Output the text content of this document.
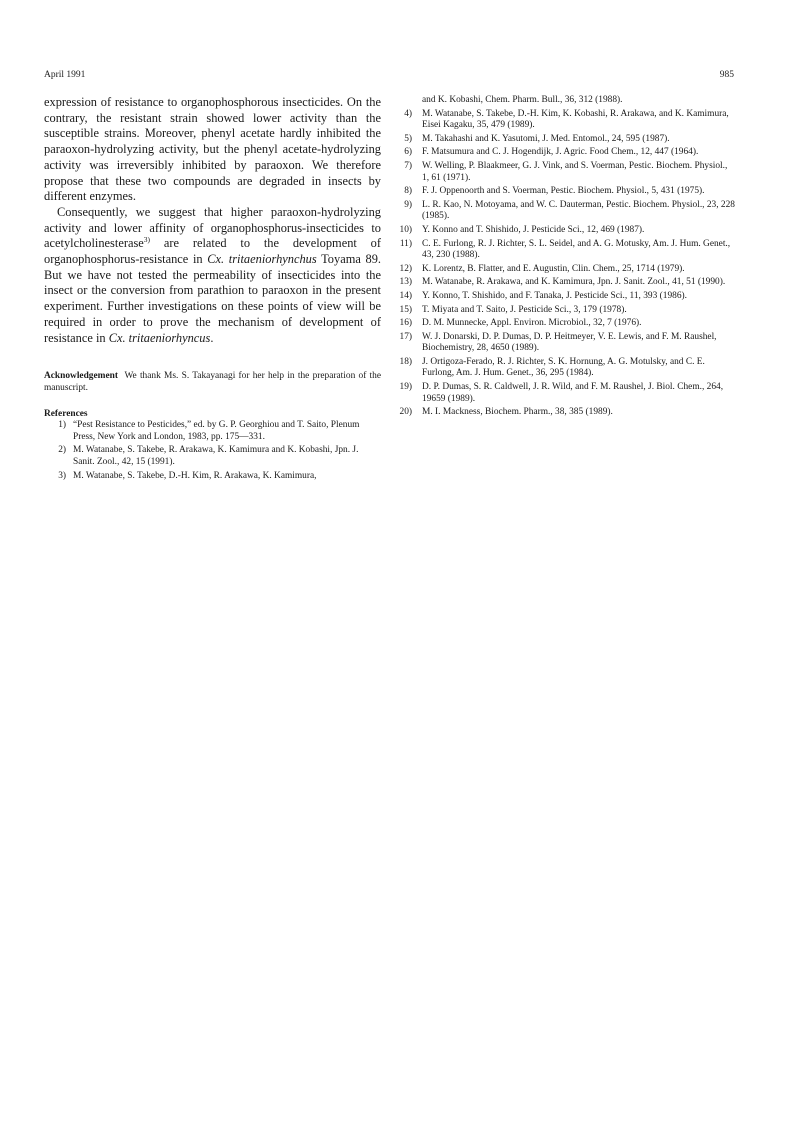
April 1991	985

expression of resistance to organophosphorous insecticides. On the contrary, the resistant strain showed lower activity than the susceptible strains. Moreover, phenyl acetate hardly inhibited the paraoxon-hydrolyzing activity, but the phenyl acetate-hydrolyzing activity was irreversibly inhibited by paraoxon. We therefore propose that these two compounds are degraded in insects by different enzymes.

Consequently, we suggest that higher paraoxon-hydrolyzing activity and lower affinity of organophosphorus-insecticides to acetylcholinesterase$^{3)}$ are related to the development of organophosphorus-resistance in Cx. tritaeniorhynchus Toyama 89. But we have not tested the permeability of insecticides into the insect or the conversion from parathion to paraoxon in the present experiment. Further investigations on these points of view will be required in order to prove the mechanism of development of resistance in Cx. tritaeniorhyncus.

Acknowledgement We thank Ms. S. Takayanagi for her help in the preparation of the manuscript.
References
1) “Pest Resistance to Pesticides,” ed. by G. P. Georghiou and T. Saito, Plenum Press, New York and London, 1983, pp. 175—331.
2) M. Watanabe, S. Takebe, R. Arakawa, K. Kamimura and K. Kobashi, Jpn. J. Sanit. Zool., 42, 15 (1991).
3) M. Watanabe, S. Takebe, D.-H. Kim, R. Arakawa, K. Kamimura,
and K. Kobashi, Chem. Pharm. Bull., 36, 312 (1988).
4)	M. Watanabe, S. Takebe, D.-H. Kim, K. Kobashi, R. Arakawa, and K. Kamimura, Eisei Kagaku, 35, 479 (1989).
5)	M. Takahashi and K. Yasutomi, J. Med. Entomol., 24, 595 (1987).
6)	F. Matsumura and C. J. Hogendijk, J. Agric. Food Chem., 12, 447 (1964).
7)	W. Welling, P. Blaakmeer, G. J. Vink, and S. Voerman, Pestic. Biochem. Physiol., 1, 61 (1971).
8)	F. J. Oppenoorth and S. Voerman, Pestic. Biochem. Physiol., 5, 431 (1975).
9)	L. R. Kao, N. Motoyama, and W. C. Dauterman, Pestic. Biochem. Physiol., 23, 228 (1985).
10)	Y. Konno and T. Shishido, J. Pesticide Sci., 12, 469 (1987).
11)	C. E. Furlong, R. J. Richter, S. L. Seidel, and A. G. Motusky, Am. J. Hum. Genet., 43, 230 (1988).
12)	K. Lorentz, B. Flatter, and E. Augustin, Clin. Chem., 25, 1714 (1979).
13)	M. Watanabe, R. Arakawa, and K. Kamimura, Jpn. J. Sanit. Zool., 41, 51 (1990).
14)	Y. Konno, T. Shishido, and F. Tanaka, J. Pesticide Sci., 11, 393 (1986).
15)	T. Miyata and T. Saito, J. Pesticide Sci., 3, 179 (1978).
16)	D. M. Munnecke, Appl. Environ. Microbiol., 32, 7 (1976).
17)	W. J. Donarski, D. P. Dumas, D. P. Heitmeyer, V. E. Lewis, and F. M. Raushel, Biochemistry, 28, 4650 (1989).
18)	J. Ortigoza-Ferado, R. J. Richter, S. K. Hornung, A. G. Motulsky, and C. E. Furlong, Am. J. Hum. Genet., 36, 295 (1984).
19)	D. P. Dumas, S. R. Caldwell, J. R. Wild, and F. M. Raushel, J. Biol. Chem., 264, 19659 (1989).
20)	M. I. Mackness, Biochem. Pharm., 38, 385 (1989).
